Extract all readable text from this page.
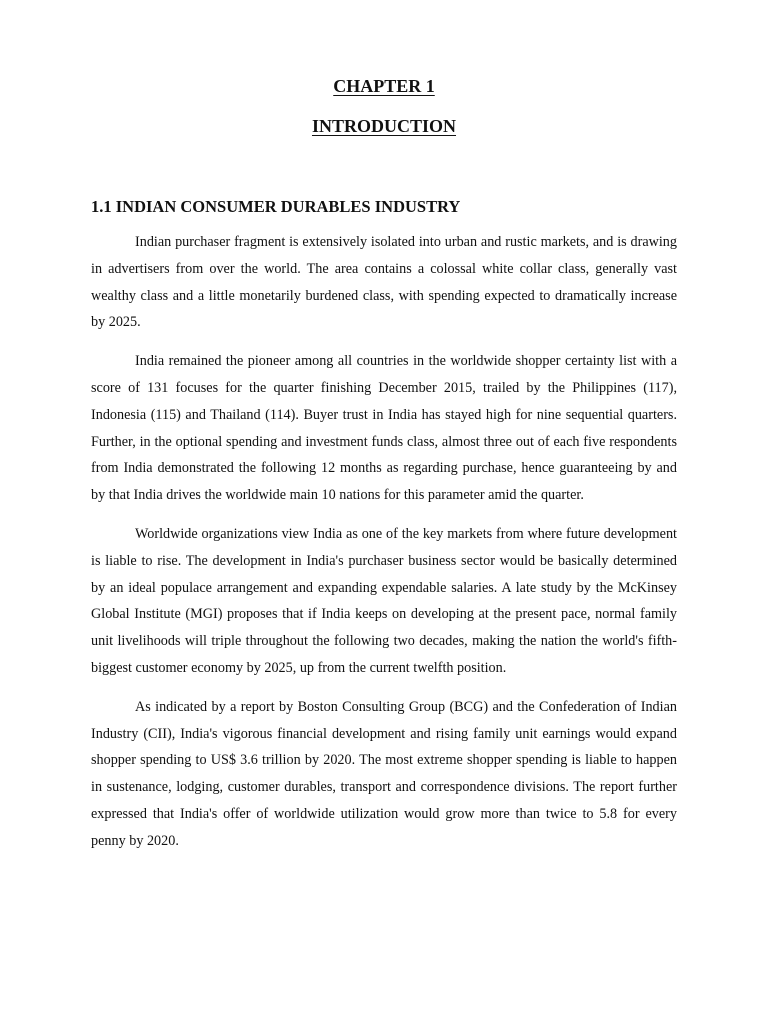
CHAPTER 1
INTRODUCTION
1.1 INDIAN CONSUMER DURABLES INDUSTRY

Indian purchaser fragment is extensively isolated into urban and rustic markets, and is drawing in advertisers from over the world. The area contains a colossal white collar class, generally vast wealthy class and a little monetarily burdened class, with spending expected to dramatically increase by 2025.

India remained the pioneer among all countries in the worldwide shopper certainty list with a score of 131 focuses for the quarter finishing December 2015, trailed by the Philippines (117), Indonesia (115) and Thailand (114). Buyer trust in India has stayed high for nine sequential quarters. Further, in the optional spending and investment funds class, almost three out of each five respondents from India demonstrated the following 12 months as regarding purchase, hence guaranteeing by and by that India drives the worldwide main 10 nations for this parameter amid the quarter.

Worldwide organizations view India as one of the key markets from where future development is liable to rise. The development in India's purchaser business sector would be basically determined by an ideal populace arrangement and expanding expendable salaries. A late study by the McKinsey Global Institute (MGI) proposes that if India keeps on developing at the present pace, normal family unit livelihoods will triple throughout the following two decades, making the nation the world's fifth-biggest customer economy by 2025, up from the current twelfth position.

As indicated by a report by Boston Consulting Group (BCG) and the Confederation of Indian Industry (CII), India's vigorous financial development and rising family unit earnings would expand shopper spending to US$ 3.6 trillion by 2020. The most extreme shopper spending is liable to happen in sustenance, lodging, customer durables, transport and correspondence divisions. The report further expressed that India's offer of worldwide utilization would grow more than twice to 5.8 for every penny by 2020.
